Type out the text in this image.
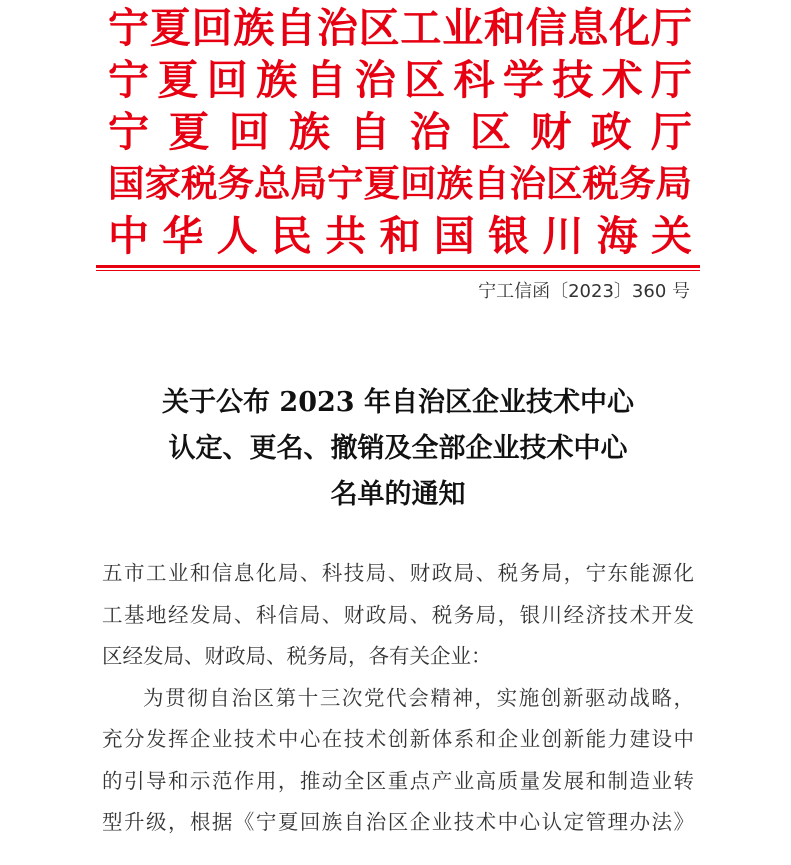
宁夏回族自治区工业和信息化厅
宁夏回族自治区科学技术厅
宁夏回族自治区财政厅
国家税务总局宁夏回族自治区税务局
中华人民共和国银川海关
宁工信函〔2023〕360 号
关于公布 2023 年自治区企业技术中心
认定、更名、撤销及全部企业技术中心
名单的通知
五市工业和信息化局、科技局、财政局、税务局，宁东能源化
工基地经发局、科信局、财政局、税务局，银川经济技术开发
区经发局、财政局、税务局，各有关企业：
为贯彻自治区第十三次党代会精神，实施创新驱动战略，
充分发挥企业技术中心在技术创新体系和企业创新能力建设中
的引导和示范作用，推动全区重点产业高质量发展和制造业转
型升级，根据《宁夏回族自治区企业技术中心认定管理办法》
